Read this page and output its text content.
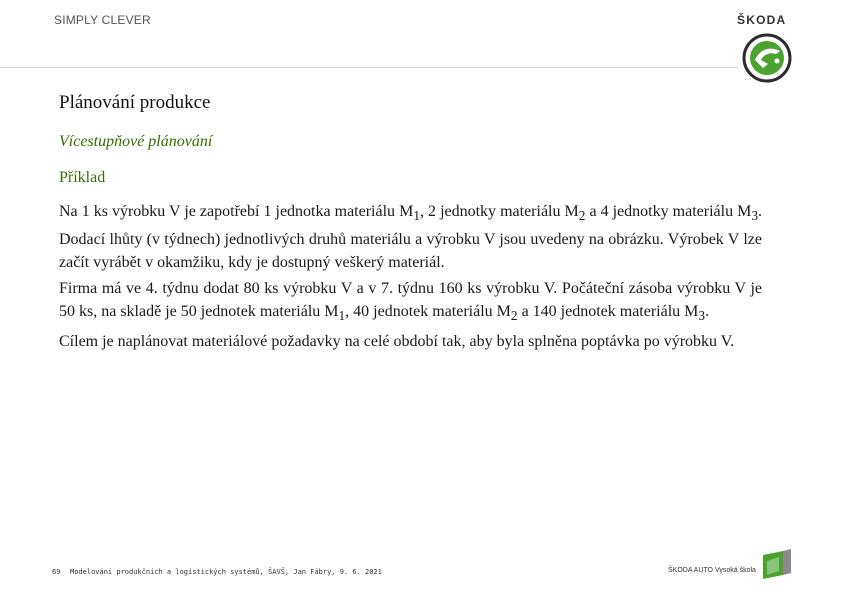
SIMPLY CLEVER	ŠKODA
Plánování produkce
Vícestupňové plánování
Příklad

Na 1 ks výrobku V je zapotřebí 1 jednotka materiálu $M_1$, 2 jednotky materiálu $M_2$ a 4 jednotky materiálu $M_3$. Dodací lhůty (v týdnech) jednotlivých druhů materiálu a výrobku V jsou uvedeny na obrázku. Výrobek V lze začít vyrábět v okamžiku, kdy je dostupný veškerý materiál.

Firma má ve 4. týdnu dodat 80 ks výrobku V a v 7. týdnu 160 ks výrobku V. Počáteční zásoba výrobku V je 50 ks, na skladě je 50 jednotek materiálu $M_1$, 40 jednotek materiálu $M_2$ a 140 jednotek materiálu $M_3$.

Cílem je naplánovat materiálové požadavky na celé období tak, aby byla splněna poptávka po výrobku V.

69 Modelování produkčních a logistických systémů, ŠAVŠ, Jan Fábry, 9. 6. 2021	ŠKODA AUTO Vysoká škola
